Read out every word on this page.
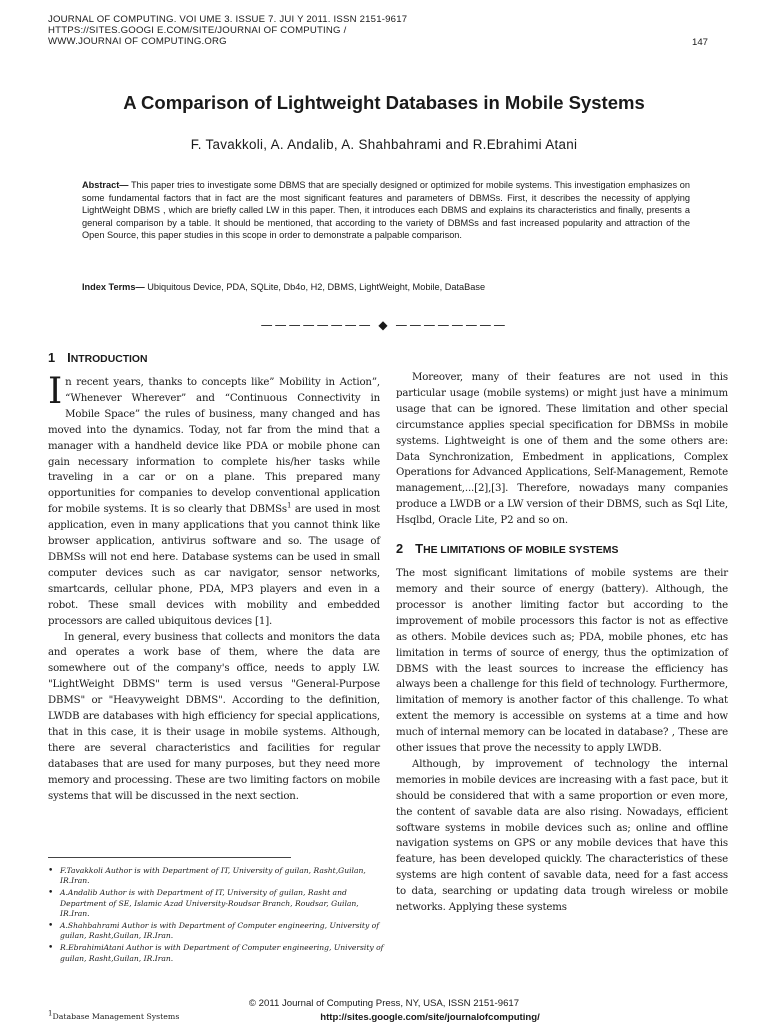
JOURNAL OF COMPUTING. VOI UME 3. ISSUE 7. JUI Y 2011. ISSN 2151-9617
HTTPS://SITES.GOOGI E.COM/SITE/JOURNAI OF COMPUTING /
WWW.JOURNAI OF COMPUTING.ORG	147
A Comparison of Lightweight Databases in Mobile Systems
F. Tavakkoli, A. Andalib, A. Shahbahrami and R.Ebrahimi Atani
Abstract— This paper tries to investigate some DBMS that are specially designed or optimized for mobile systems. This investigation emphasizes on some fundamental factors that in fact are the most significant features and parameters of DBMSs. First, it describes the necessity of applying LightWeight DBMS , which are briefly called LW in this paper. Then, it introduces each DBMS and explains its characteristics and finally, presents a general comparison by a table. It should be mentioned, that according to the variety of DBMSs and fast increased popularity and attraction of the Open Source, this paper studies in this scope in order to demonstrate a palpable comparison.
Index Terms— Ubiquitous Device, PDA, SQLite, Db4o, H2, DBMS, LightWeight, Mobile, DataBase
———————— ◆ ————————
1 INTRODUCTION

In recent years, thanks to concepts like” Mobility in Action”, “Whenever Wherever” and “Continuous Connectivity in Mobile Space” the rules of business, many changed and has moved into the dynamics. Today, not far from the mind that a manager with a handheld device like PDA or mobile phone can gain necessary information to complete his/her tasks while traveling in a car or on a plane. This prepared many opportunities for companies to develop conventional application for mobile systems. It is so clearly that DBMSs$^1$ are used in most application, even in many applications that you cannot think like browser application, antivirus software and so. The usage of DBMSs will not end here. Database systems can be used in small computer devices such as car navigator, sensor networks, smartcards, cellular phone, PDA, MP3 players and even in a robot. These small devices with mobility and embedded processors are called ubiquitous devices [1].

In general, every business that collects and monitors the data and operates a work base of them, where the data are somewhere out of the company's office, needs to apply LW. "LightWeight DBMS" term is used versus "General-Purpose DBMS" or "Heavyweight DBMS". According to the definition, LWDB are databases with high efficiency for special applications, that in this case, it is their usage in mobile systems. Although, there are several characteristics and facilities for regular databases that are used for many purposes, but they need more memory and processing. These are two limiting factors on mobile systems that will be discussed in the next section.

Moreover, many of their features are not used in this particular usage (mobile systems) or might just have a minimum usage that can be ignored. These limitation and other special circumstance applies special specification for DBMSs in mobile systems. Lightweight is one of them and the some others are: Data Synchronization, Embedment in applications, Complex Operations for Advanced Applications, Self-Management, Remote management,...[2],[3]. Therefore, nowadays many companies produce a LWDB or a LW version of their DBMS, such as Sql Lite, Hsqlbd, Oracle Lite, P2 and so on.

2 THE LIMITATIONS OF MOBILE SYSTEMS

The most significant limitations of mobile systems are their memory and their source of energy (battery). Although, the processor is another limiting factor but according to the improvement of mobile processors this factor is not as effective as others. Mobile devices such as; PDA, mobile phones, etc has limitation in terms of source of energy, thus the optimization of DBMS with the least sources to increase the efficiency has always been a challenge for this field of technology. Furthermore, limitation of memory is another factor of this challenge. To what extent the memory is accessible on systems at a time and how much of internal memory can be located in database? , These are other issues that prove the necessity to apply LWDB.

Although, by improvement of technology the internal memories in mobile devices are increasing with a fast pace, but it should be considered that with a same proportion or even more, the content of savable data are also rising. Nowadays, efficient software systems in mobile devices such as; online and offline navigation systems on GPS or any mobile devices that have this feature, has been developed quickly. The characteristics of these systems are high content of savable data, need for a fast access to data, searching or updating data trough wireless or mobile networks. Applying these systems

• F.Tavakkoli Author is with Department of IT, University of guilan, Rasht,Guilan, IR.Iran.
• A.Andalib Author is with Department of IT, University of guilan, Rasht and Department of SE, Islamic Azad University-Roudsar Branch, Roudsar, Guilan, IR.Iran.
• A.Shahbahrami Author is with Department of Computer engineering, University of guilan, Rasht,Guilan, IR.Iran.
• R.EbrahimiAtani Author is with Department of Computer engineering, University of guilan, Rasht,Guilan, IR.Iran.
© 2011 Journal of Computing Press, NY, USA, ISSN 2151-9617
$^1$Database Management Systems	http://sites.google.com/site/journalofcomputing/
